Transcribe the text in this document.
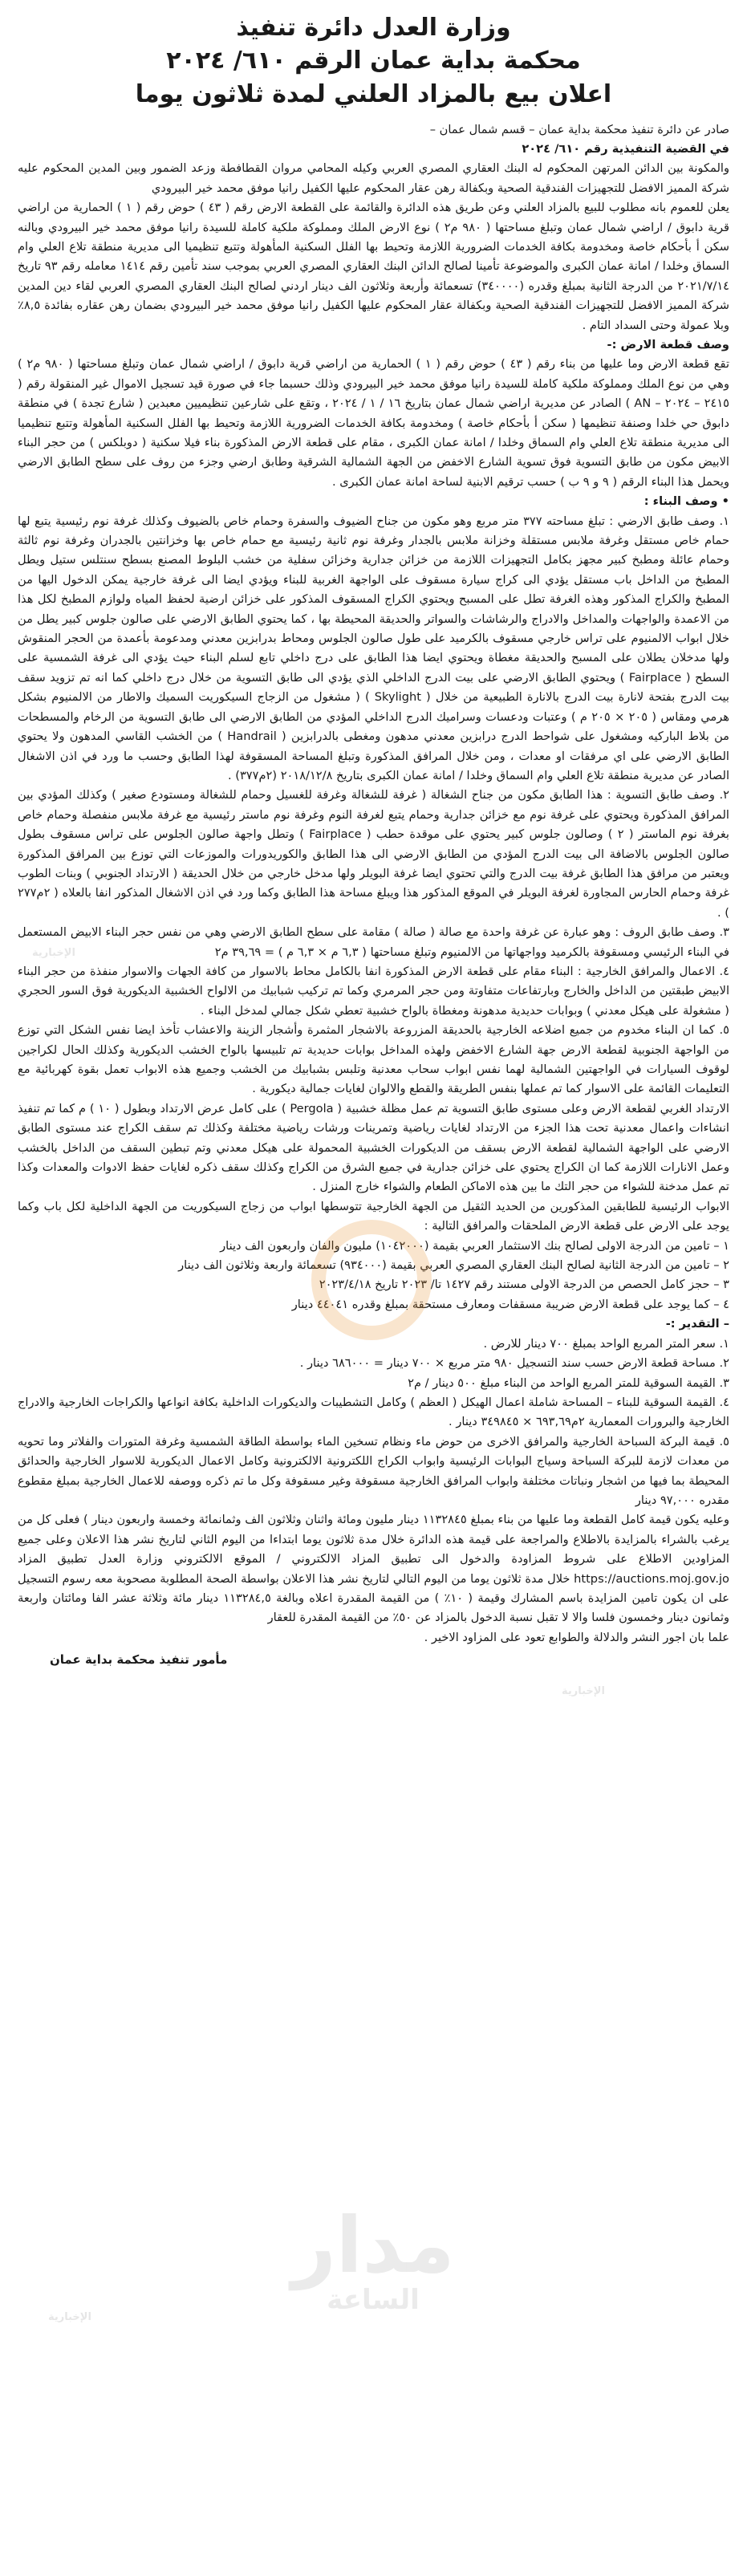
وزارة العدل دائرة تنفيذ
محكمة بداية عمان الرقم ٦١٠/ ٢٠٢٤
اعلان بيع بالمزاد العلني لمدة ثلاثون يوما

صادر عن دائرة تنفيذ محكمة بداية عمان – قسم شمال عمان –

في القضية التنفيذية رقم ٦١٠/ ٢٠٢٤

والمكونة بين الدائن المرتهن المحكوم له البنك العقاري المصري العربي وكيله المحامي مروان القطافطة وزعد الضمور وبين المدين المحكوم عليه شركة المميز الافضل للتجهيزات الفندقية الصحية وبكفالة رهن عقار المحكوم عليها الكفيل رانيا موفق محمد خير البيرودي

يعلن للعموم بانه مطلوب للبيع بالمزاد العلني وعن طريق هذه الدائرة والقائمة على القطعة الارض رقم ( ٤٣ ) حوض رقم ( ١ ) الحمارية من اراضي قرية دابوق / اراضي شمال عمان وتبلغ مساحتها ( ٩٨٠ م٢ ) نوع الارض الملك ومملوكة ملكية كاملة للسيدة رانيا موفق محمد خير البيرودي وبالنه سكن أ بأحكام خاصة ومخدومة بكافة الخدمات الضرورية اللازمة وتحيط بها الفلل السكنية المأهولة وتتبع تنظيميا الى مديرية منطقة تلاع العلي وام السماق وخلدا / امانة عمان الكبرى والموضوعة تأمينا لصالح الدائن البنك العقاري المصري العربي بموجب سند تأمين رقم ١٤١٤ معامله رقم ٩٣ تاريخ ٢٠٢١/٧/١٤ من الدرجة الثانية بمبلغ وقدره (٣٤٠٠٠٠) تسعمائة وأربعة وثلاثون الف دينار اردني لصالح البنك العقاري المصري العربي لقاء دين المدين شركة المميز الافضل للتجهيزات الفندقية الصحية وبكفالة عقار المحكوم عليها الكفيل رانيا موفق محمد خير البيرودي بضمان رهن عقاره بفائدة ٨,٥٪ وبلا عمولة وحتى السداد التام .

وصف قطعة الارض :-

تقع قطعة الارض وما عليها من بناء رقم ( ٤٣ ) حوض رقم ( ١ ) الحمارية من اراضي قرية دابوق / اراضي شمال عمان وتبلغ مساحتها ( ٩٨٠ م٢ ) وهي من نوع الملك ومملوكة ملكية كاملة للسيدة رانيا موفق محمد خير البيرودي وذلك حسبما جاء في صورة قيد تسجيل الاموال غير المنقولة رقم ( ٢٤١٥ – ٢٠٢٤ – AN ) الصادر عن مديرية اراضي شمال عمان بتاريخ ١٦ / ١ / ٢٠٢٤ ، وتقع على شارعين تنظيميين معبدين ( شارع تجدة ) في منطقة دابوق حي خلدا وصنفة تنظيمها ( سكن أ بأحكام خاصة ) ومخدومة بكافة الخدمات الضرورية اللازمة وتحيط بها الفلل السكنية المأهولة وتتبع تنظيميا الى مديرية منطقة تلاع العلي وام السماق وخلدا / امانة عمان الكبرى ، مقام على قطعة الارض المذكورة بناء فيلا سكنية ( دوبلكس ) من حجر البناء الابيض مكون من طابق التسوية فوق تسوية الشارع الاخفض من الجهة الشمالية الشرقية وطابق ارضي وجزء من روف على سطح الطابق الارضي ويحمل هذا البناء الرقم ( ٩ و ٩ ب ) حسب ترقيم الابنية لساحة امانة عمان الكبرى .

• وصف البناء :

١. وصف طابق الارضي : تبلغ مساحته ٣٧٧ متر مربع وهو مكون من جناح الضيوف والسفرة وحمام خاص بالضيوف وكذلك غرفة نوم رئيسية يتبع لها حمام خاص مستقل وغرفة ملابس مستقلة وخزانة ملابس بالجدار وغرفة نوم ثانية رئيسية مع حمام خاص بها وخزانتين بالجدران وغرفة نوم ثالثة وحمام عائلة ومطبخ كبير مجهز بكامل التجهيزات اللازمة من خزائن جدارية وخزائن سفلية من خشب البلوط المصنع بسطح سنتلس ستيل ويطل المطبخ من الداخل باب مستقل يؤدي الى كراج سيارة مسقوف على الواجهة الغربية للبناء ويؤدي ايضا الى غرفة خارجية يمكن الدخول اليها من المطبخ والكراج المذكور وهذه الغرفة تطل على المسبح ويحتوي الكراج المسقوف المذكور على خزائن ارضية لحفظ المياه ولوازم المطبخ لكل هذا من الاعمدة والواجهات والمداخل والادراج والرشاشات والسواتر والحديقة المحيطة بها ، كما يحتوي الطابق الارضي على صالون جلوس كبير يطل من خلال ابواب الالمنيوم على تراس خارجي مسقوف بالكرميد على طول صالون الجلوس ومحاط بدرابزين معدني ومدعومة بأعمدة من الحجر المنقوش ولها مدخلان يطلان على المسبح والحديقة مغطاة ويحتوي ايضا هذا الطابق على درج داخلي تابع لسلم البناء حيث يؤدي الى غرفة الشمسية على السطح ( Fairplace ) ويحتوي الطابق الارضي على بيت الدرج الداخلي الذي يؤدي الى طابق التسوية من خلال درج داخلي كما انه تم تزويد سقف بيت الدرج بفتحة لانارة بيت الدرج بالانارة الطبيعية من خلال ( Skylight ) ( مشغول من الزجاج السيكوريت السميك والاطار من الالمنيوم بشكل هرمي ومقاس ( ٢٠٥ × ٢٠٥ م ) وعتبات ودعسات وسراميك الدرج الداخلي المؤدي من الطابق الارضي الى طابق التسوية من الرخام والمسطحات من بلاط الباركيه ومشغول على شواحط الدرج درابزين معدني مدهون ومغطى بالدرابزين ( Handrail ) من الخشب القاسي المدهون ولا يحتوي الطابق الارضي على اي مرفقات او معدات ، ومن خلال المرافق المذكورة وتبلغ المساحة المسقوفة لهذا الطابق وحسب ما ورد في اذن الاشغال الصادر عن مديرية منطقة تلاع العلي وام السماق وخلدا / امانة عمان الكبرى بتاريخ ٢٠١٨/١٢/٨ (٢م٣٧٧) .

٢. وصف طابق التسوية : هذا الطابق مكون من جناح الشغالة ( غرفة للشغالة وغرفة للغسيل وحمام للشغالة ومستودع صغير ) وكذلك المؤدي بين المرافق المذكورة ويحتوي على غرفة نوم مع خزائن جدارية وحمام يتبع لغرفة النوم وغرفة نوم ماستر رئيسية مع غرفة ملابس منفصلة وحمام خاص بغرفة نوم الماستر ( ٢ ) وصالون جلوس كبير يحتوي على موقدة حطب ( Fairplace ) وتطل واجهة صالون الجلوس على تراس مسقوف بطول صالون الجلوس بالاضافة الى بيت الدرج المؤدي من الطابق الارضي الى هذا الطابق والكوريدورات والموزعات التي توزع بين المرافق المذكورة ويعتبر من مرافق هذا الطابق غرفة بيت الدرج والتي تحتوي ايضا غرفة البويلر ولها مدخل خارجي من خلال الحديقة ( الارتداد الجنوبي ) وبنات الطوب غرفة وحمام الحارس المجاورة لغرفة البويلر في الموقع المذكور هذا ويبلغ مساحة هذا الطابق وكما ورد في اذن الاشغال المذكور انفا بالعلاه ( ٢م٢٧٧ ) .

٣. وصف طابق الروف : وهو عبارة عن غرفة واحدة مع صالة ( صالة ) مقامة على سطح الطابق الارضي وهي من نفس حجر البناء الابيض المستعمل في البناء الرئيسي ومسقوفة بالكرميد وواجهاتها من الالمنيوم وتبلغ مساحتها ( ٦,٣ م × ٦,٣ م ) = ٣٩,٦٩ م٢

٤. الاعمال والمرافق الخارجية : البناء مقام على قطعة الارض المذكورة انفا بالكامل محاط بالاسوار من كافة الجهات والاسوار منفذة من حجر البناء الابيض طبقتين من الداخل والخارج وبارتفاعات متفاوتة ومن حجر المرمري وكما تم تركيب شبابيك من الالواح الخشبية الديكورية فوق السور الحجري ( مشغولة على هيكل معدني ) وبوابات حديدية مدهونة ومغطاة بالواح خشبية تعطي شكل جمالي لمدخل البناء .

٥. كما ان البناء مخدوم من جميع اضلاعه الخارجية بالحديقة المزروعة بالاشجار المثمرة وأشجار الزينة والاعشاب تأخذ ايضا نفس الشكل التي توزع من الواجهة الجنوبية لقطعة الارض جهة الشارع الاخفض ولهذه المداخل بوابات حديدية تم تلبيسها بالواح الخشب الديكورية وكذلك الحال لكراجين لوقوف السيارات في الواجهتين الشمالية لهما نفس ابواب سحاب معدنية وتلبس بشبابيك من الخشب وجميع هذه الابواب تعمل بقوة كهربائية مع التعليمات القائمة على الاسوار كما تم عملها بنفس الطريقة والقطع والالوان لغايات جمالية ديكورية .

الارتداد الغربي لقطعة الارض وعلى مستوى طابق التسوية تم عمل مظلة خشبية ( Pergola ) على كامل عرض الارتداد وبطول ( ١٠ ) م كما تم تنفيذ انشاءات واعمال معدنية تحت هذا الجزء من الارتداد لغايات رياضية وتمرينات ورشات رياضية مختلفة وكذلك تم سقف الكراج عند مستوى الطابق الارضي على الواجهة الشمالية لقطعة الارض بسقف من الديكورات الخشبية المحمولة على هيكل معدني وتم تبطين السقف من الداخل بالخشب وعمل الانارات اللازمة كما ان الكراج يحتوي على خزائن جدارية في جميع الشرق من الكراج وكذلك سقف ذكره لغايات حفظ الادوات والمعدات وكذا تم عمل مدخنة للشواء من حجر التك ما بين هذه الاماكن الطعام والشواء خارج المنزل .

الابواب الرئيسية للطابقين المذكورين من الحديد الثقيل من الجهة الخارجية تتوسطها ابواب من زجاج السيكوريت من الجهة الداخلية لكل باب وكما يوجد على الارض على قطعة الارض الملحقات والمرافق التالية :

١ – تامين من الدرجة الاولى لصالح بنك الاستثمار العربي بقيمة (١٠٤٢٠٠٠) مليون والفان واربعون الف دينار

٢ – تامين من الدرجة الثانية لصالح البنك العقاري المصري العربي بقيمة (٩٣٤٠٠٠) تسعمائة واربعة وثلاثون الف دينار

٣ – حجز كامل الحصص من الدرجة الاولى مستند رقم ١٤٢٧ تا/ ٢٠٢٣ تاريخ ٢٠٢٣/٤/١٨

٤ – كما يوجد على قطعة الارض ضريبة مسقفات ومعارف مستحقة بمبلغ وقدره ٤٤٠٤١ دينار

– التقدير :-

١. سعر المتر المربع الواحد بمبلغ ٧٠٠ دينار للارض .

٢. مساحة قطعة الارض حسب سند التسجيل ٩٨٠ متر مربع × ٧٠٠ دينار = ٦٨٦٠٠٠ دينار .

٣. القيمة السوقية للمتر المربع الواحد من البناء مبلغ ٥٠٠ دينار / م٢

٤. القيمة السوقية للبناء – المساحة شاملة اعمال الهيكل ( العظم ) وكامل التشطيبات والديكورات الداخلية بكافة انواعها والكراجات الخارجية والادراج الخارجية والبرورات المعمارية ٢م٦٩٣,٦٩ × ٣٤٩٨٤٥ دينار .

٥. قيمة البركة السباحة الخارجية والمرافق الاخرى من حوض ماء ونظام تسخين الماء بواسطة الطاقة الشمسية وغرفة المتورات والفلاتر وما تحويه من معدات لازمة للبركة السباحة وسياج البوابات الرئيسية وابواب الكراج اللكترونية الالكترونية وكامل الاعمال الديكورية للاسوار الخارجية والحدائق المحيطة بما فيها من اشجار ونباتات مختلفة وابواب المرافق الخارجية مسقوفة وغير مسقوفة وكل ما تم ذكره ووصفه للاعمال الخارجية بمبلغ مقطوع مقدره ٩٧,٠٠٠ دينار

وعليه يكون قيمة كامل القطعة وما عليها من بناء بمبلغ ١١٣٢٨٤٥ دينار مليون ومائة واثنان وثلاثون الف وثمانمائة وخمسة واربعون دينار ) فعلى كل من يرغب بالشراء بالمزايدة بالاطلاع والمراجعة على قيمة هذه الدائرة خلال مدة ثلاثون يوما ابتداءا من اليوم الثاني لتاريخ نشر هذا الاعلان وعلى جميع المزاودين الاطلاع على شروط المزاودة والدخول الى تطبيق المزاد الالكتروني / الموقع الالكتروني وزارة العدل تطبيق المزاد https://auctions.moj.gov.jo خلال مدة ثلاثون يوما من اليوم التالي لتاريخ نشر هذا الاعلان بواسطة الصحة المطلوبة مصحوبة معه رسوم التسجيل على ان يكون تامين المزايدة باسم المشارك وقيمة ( ١٠٪ ) من القيمة المقدرة اعلاه وبالغة ١١٣٢٨٤,٥ دينار مائة وثلاثة عشر الفا ومائتان واربعة وثمانون دينار وخمسون فلسا والا لا تقبل نسبة الدخول بالمزاد عن ٥٠٪ من القيمة المقدرة للعقار

علما بان اجور النشر والدلالة والطوابع تعود على المزاود الاخير .

مأمور تنفيذ محكمة بداية عمان
مدار
الساعة
الإخبارية
الإخبارية
الإخبارية
